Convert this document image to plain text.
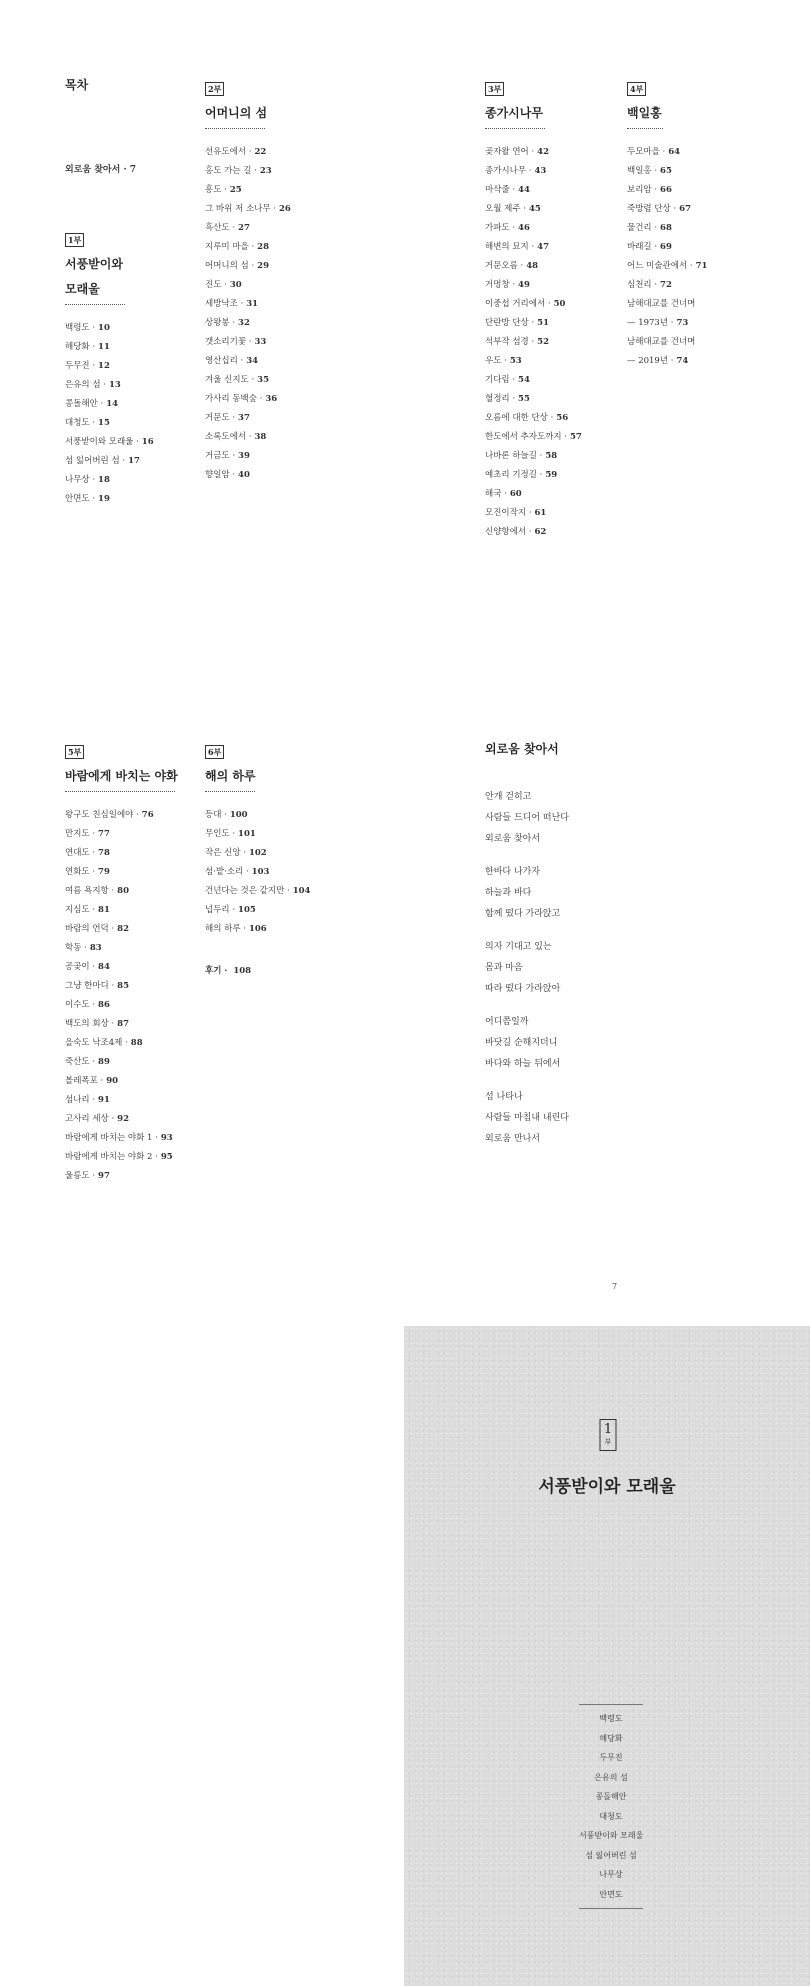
목차
외로움 찾아서 · 7
1부
서풍받이와
모래울
백령도 · 10
해당화 · 11
두무진 · 12
은유의 섬 · 13
콩돌해안 · 14
대청도 · 15
서풍받이와 모래울 · 16
섬 잃어버린 섬 · 17
나무상 · 18
안면도 · 19
2부
어머니의 섬
선유도에서 · 22
홍도 가는 길 · 23
흥도 · 25
그 바위 저 소나무 · 26
흑산도 · 27
지루미 마을 · 28
어머니의 섬 · 29
진도 · 30
세방낙조 · 31
상왕봉 · 32
갯소리기꽃 · 33
영산십리 · 34
겨울 신지도 · 35
가사리 동백숲 · 36
거문도 · 37
소록도에서 · 38
거금도 · 39
향일암 · 40
3부
종가시나무
곶자왈 연어 · 42
종가시나무 · 43
마삭줄 · 44
오월 제주 · 45
가파도 · 46
해변의 묘지 · 47
거문오름 · 48
거멍창 · 49
이중섭 거리에서 · 50
단란방 단상 · 51
석부작 섬경 · 52
우도 · 53
기다림 · 54
혈정리 · 55
오름에 대한 단상 · 56
한도에서 추자도까지 · 57
나바론 하늘길 · 58
예초리 기정길 · 59
해국 · 60
모진이작지 · 61
신양항에서 · 62
4부
백일홍
두모마을 · 64
백일홍 · 65
보리암 · 66
죽방렴 단상 · 67
물건리 · 68
바래길 · 69
어느 미술관에서 · 71
심천리 · 72
남해대교를 건너며
— 1973년 · 73
남해대교를 건너며
— 2019년 · 74
5부
바람에게 바치는 야화
왕구도 친심일에야 · 76
만지도 · 77
연대도 · 78
연화도 · 79
여름 욕지항 · 80
지심도 · 81
바람의 언덕 · 82
학동 · 83
공곶이 · 84
그냥 한마디 · 85
이수도 · 86
백도의 회상 · 87
을숙도 낙조4제 · 88
죽산도 · 89
볼레폭포 · 90
섬나리 · 91
고사리 세상 · 92
바람에게 바치는 야화 1 · 93
바람에게 바치는 야화 2 · 95
울릉도 · 97
6부
해의 하루
등대 · 100
무인도 · 101
작은 신앙 · 102
섬·밭·소리 · 103
건넌다는 것은 같지만 · 104
넙두리 · 105
해의 하루 · 106
후기 · 108
외로움 찾아서
안개 걷히고
사람들 드디어 떠난다
외로움 찾아서
한바다 나가자
하늘과 바다
함께 떴다 가라앉고
의자 기대고 있는
몸과 마음
따라 떴다 가라앉아
어디쯤일까
바닷길 순해지더니
바다와 하늘 뒤에서
섬 나타나
사람들 마침내 내린다
외로움 만나서
7
1
부
서풍받이와 모래울
백령도
해당화
두무진
은유의 섬
콩돌해안
대청도
서풍받이와 모래울
섬 잃어버린 섬
나무상
안면도
